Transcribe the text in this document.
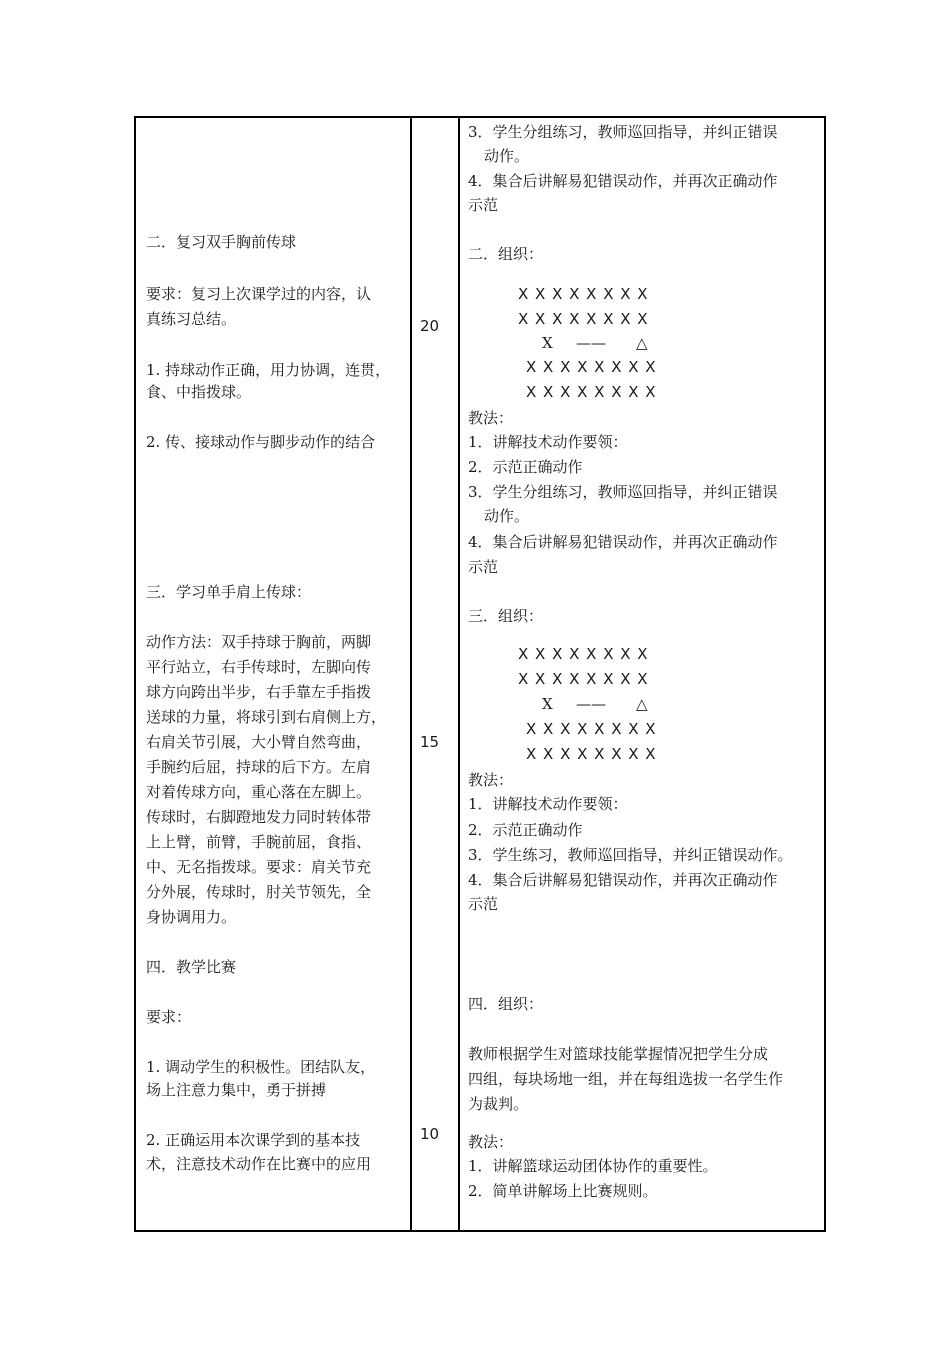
二．复习双手胸前传球
要求：复习上次课学过的内容，认
真练习总结。
1. 持球动作正确，用力协调，连贯，
食、中指拨球。
2. 传、接球动作与脚步动作的结合
三．学习单手肩上传球：
动作方法：双手持球于胸前，两脚
平行站立，右手传球时，左脚向传
球方向跨出半步，右手靠左手指拨
送球的力量，将球引到右肩侧上方，
右肩关节引展，大小臂自然弯曲，
手腕约后屈，持球的后下方。左肩
对着传球方向，重心落在左脚上。
传球时，右脚蹬地发力同时转体带
上上臂，前臂，手腕前屈，食指、
中、无名指拨球。要求：肩关节充
分外展，传球时，肘关节领先，全
身协调用力。
四．教学比赛
要求：
1. 调动学生的积极性。团结队友，
场上注意力集中，勇于拼搏
2. 正确运用本次课学到的基本技
术，注意技术动作在比赛中的应用
20
15
10
3．学生分组练习，教师巡回指导，并纠正错误
动作。
4．集合后讲解易犯错误动作，并再次正确动作
示范
二．组织：
X X X X X X X X
X X X X X X X X
X —— △
X X X X X X X X
X X X X X X X X
教法：
1．讲解技术动作要领：
2．示范正确动作
3．学生分组练习，教师巡回指导，并纠正错误
动作。
4．集合后讲解易犯错误动作，并再次正确动作
示范
三．组织：
X X X X X X X X
X X X X X X X X
X —— △
X X X X X X X X
X X X X X X X X
教法：
1．讲解技术动作要领：
2．示范正确动作
3．学生练习，教师巡回指导，并纠正错误动作。
4．集合后讲解易犯错误动作，并再次正确动作
示范
四．组织：
教师根据学生对篮球技能掌握情况把学生分成
四组，每块场地一组，并在每组选拔一名学生作
为裁判。
教法：
1．讲解篮球运动团体协作的重要性。
2．简单讲解场上比赛规则。
